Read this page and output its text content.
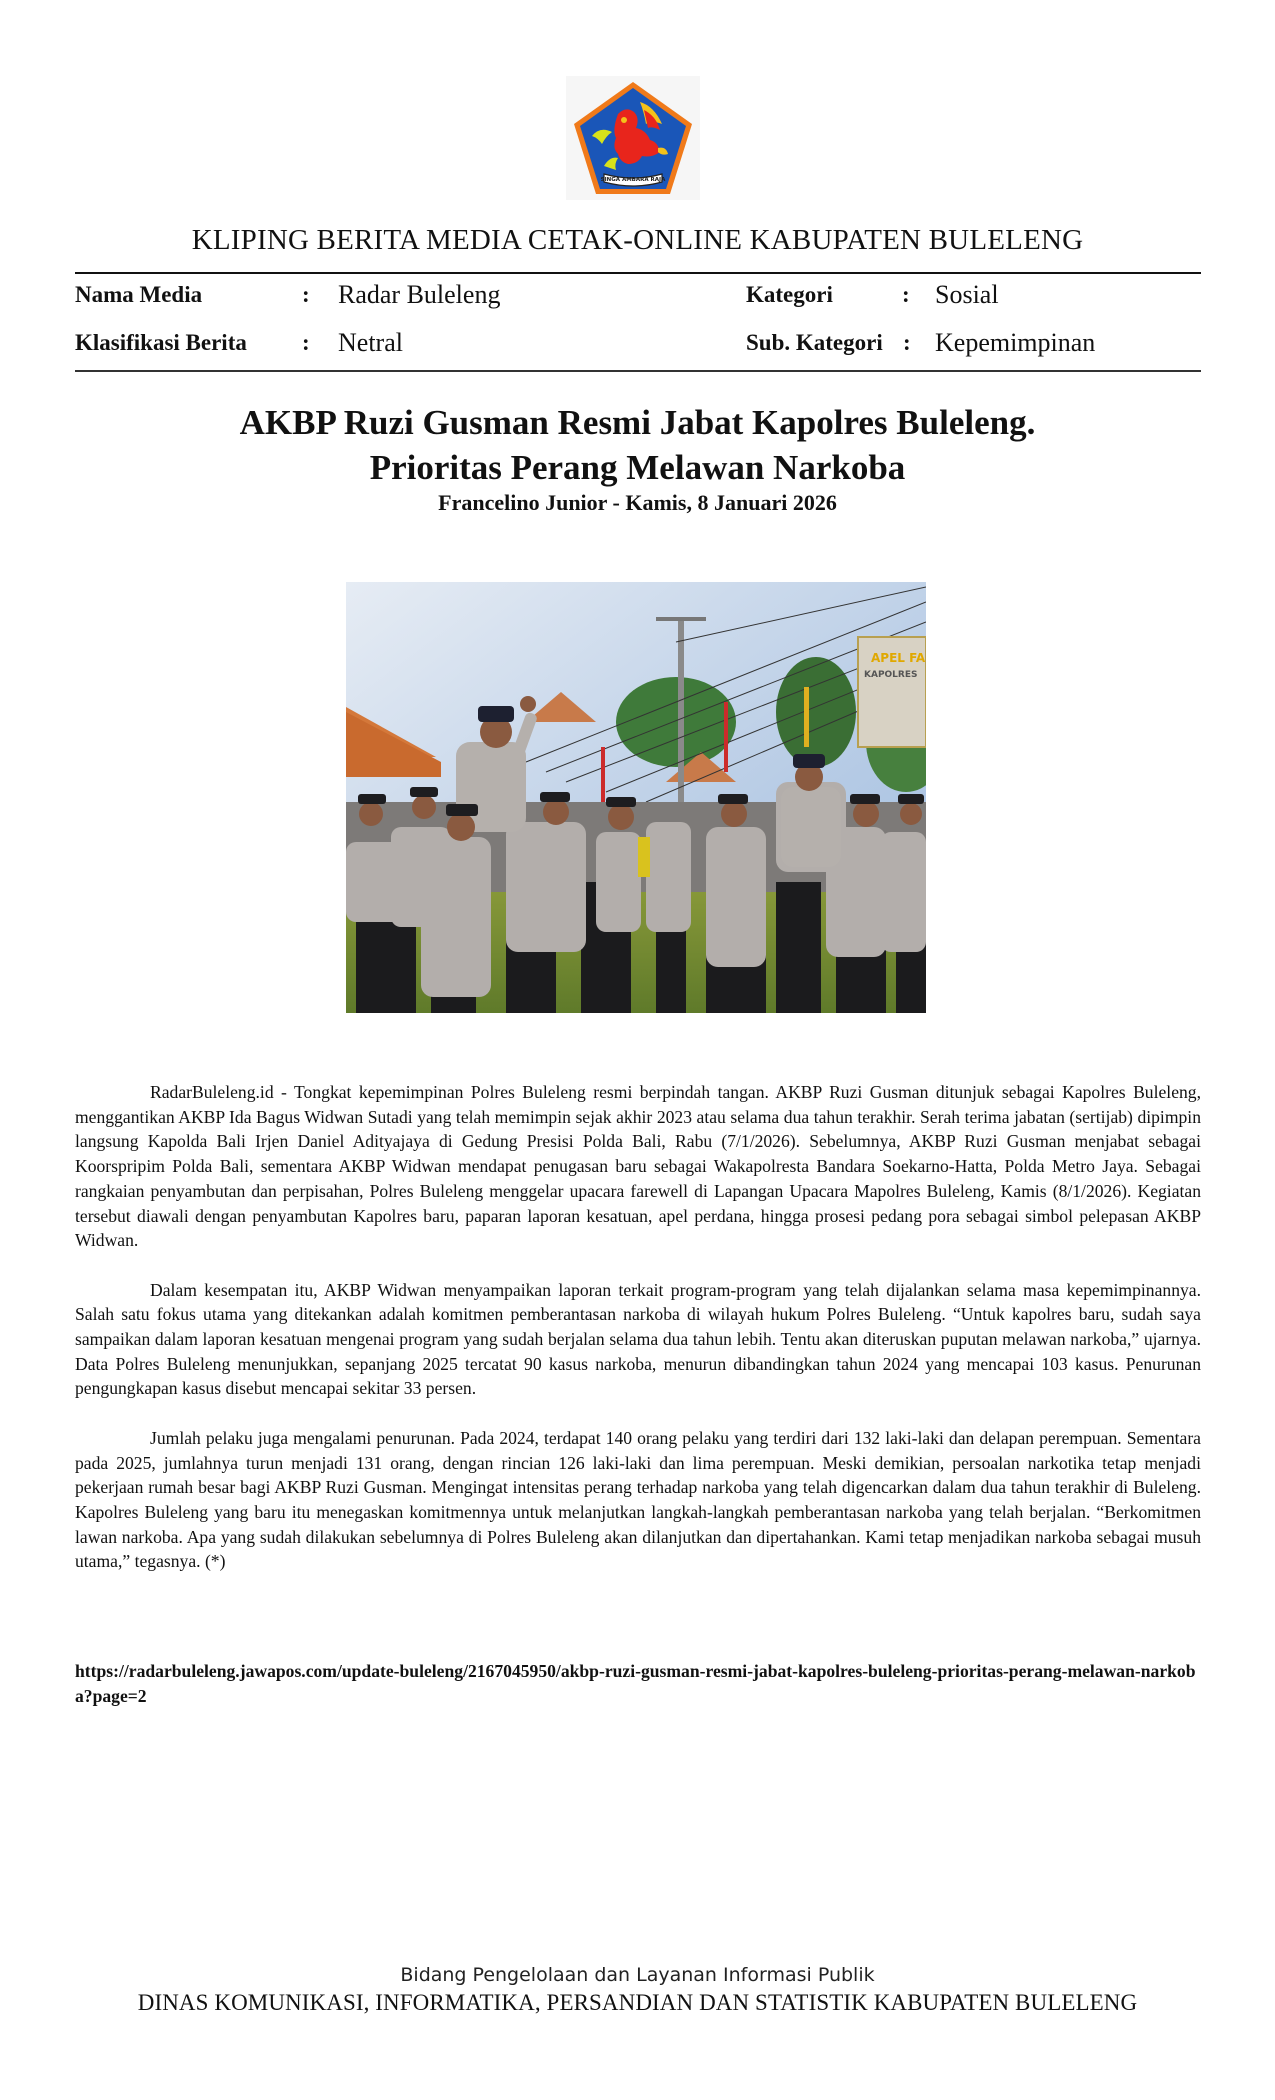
SINGA AMBARA RAJA
KLIPING BERITA MEDIA CETAK-ONLINE KABUPATEN BULELENG
Nama Media	: Radar Buleleng
Klasifikasi Berita : Netral
Kategori	: Sosial
Sub. Kategori : Kepemimpinan
AKBP Ruzi Gusman Resmi Jabat Kapolres Buleleng.
Prioritas Perang Melawan Narkoba
Francelino Junior - Kamis, 8 Januari 2026
APEL FA
KAPOLRES

RadarBuleleng.id - Tongkat kepemimpinan Polres Buleleng resmi berpindah tangan. AKBP Ruzi Gusman ditunjuk sebagai Kapolres Buleleng, menggantikan AKBP Ida Bagus Widwan Sutadi yang telah memimpin sejak akhir 2023 atau selama dua tahun terakhir. Serah terima jabatan (sertijab) dipimpin langsung Kapolda Bali Irjen Daniel Adityajaya di Gedung Presisi Polda Bali, Rabu (7/1/2026). Sebelumnya, AKBP Ruzi Gusman menjabat sebagai Koorspripim Polda Bali, sementara AKBP Widwan mendapat penugasan baru sebagai Wakapolresta Bandara Soekarno-Hatta, Polda Metro Jaya. Sebagai rangkaian penyambutan dan perpisahan, Polres Buleleng menggelar upacara farewell di Lapangan Upacara Mapolres Buleleng, Kamis (8/1/2026). Kegiatan tersebut diawali dengan penyambutan Kapolres baru, paparan laporan kesatuan, apel perdana, hingga prosesi pedang pora sebagai simbol pelepasan AKBP Widwan.

Dalam kesempatan itu, AKBP Widwan menyampaikan laporan terkait program-program yang telah dijalankan selama masa kepemimpinannya. Salah satu fokus utama yang ditekankan adalah komitmen pemberantasan narkoba di wilayah hukum Polres Buleleng. “Untuk kapolres baru, sudah saya sampaikan dalam laporan kesatuan mengenai program yang sudah berjalan selama dua tahun lebih. Tentu akan diteruskan puputan melawan narkoba,” ujarnya. Data Polres Buleleng menunjukkan, sepanjang 2025 tercatat 90 kasus narkoba, menurun dibandingkan tahun 2024 yang mencapai 103 kasus. Penurunan pengungkapan kasus disebut mencapai sekitar 33 persen.

Jumlah pelaku juga mengalami penurunan. Pada 2024, terdapat 140 orang pelaku yang terdiri dari 132 laki-laki dan delapan perempuan. Sementara pada 2025, jumlahnya turun menjadi 131 orang, dengan rincian 126 laki-laki dan lima perempuan. Meski demikian, persoalan narkotika tetap menjadi pekerjaan rumah besar bagi AKBP Ruzi Gusman. Mengingat intensitas perang terhadap narkoba yang telah digencarkan dalam dua tahun terakhir di Buleleng. Kapolres Buleleng yang baru itu menegaskan komitmennya untuk melanjutkan langkah-langkah pemberantasan narkoba yang telah berjalan. “Berkomitmen lawan narkoba. Apa yang sudah dilakukan sebelumnya di Polres Buleleng akan dilanjutkan dan dipertahankan. Kami tetap menjadikan narkoba sebagai musuh utama,” tegasnya. (*)

https://radarbuleleng.jawapos.com/update-buleleng/2167045950/akbp-ruzi-gusman-resmi-jabat-kapolres-buleleng-prioritas-perang-melawan-narkoba?page=2
Bidang Pengelolaan dan Layanan Informasi Publik
DINAS KOMUNIKASI, INFORMATIKA, PERSANDIAN DAN STATISTIK KABUPATEN BULELENG
